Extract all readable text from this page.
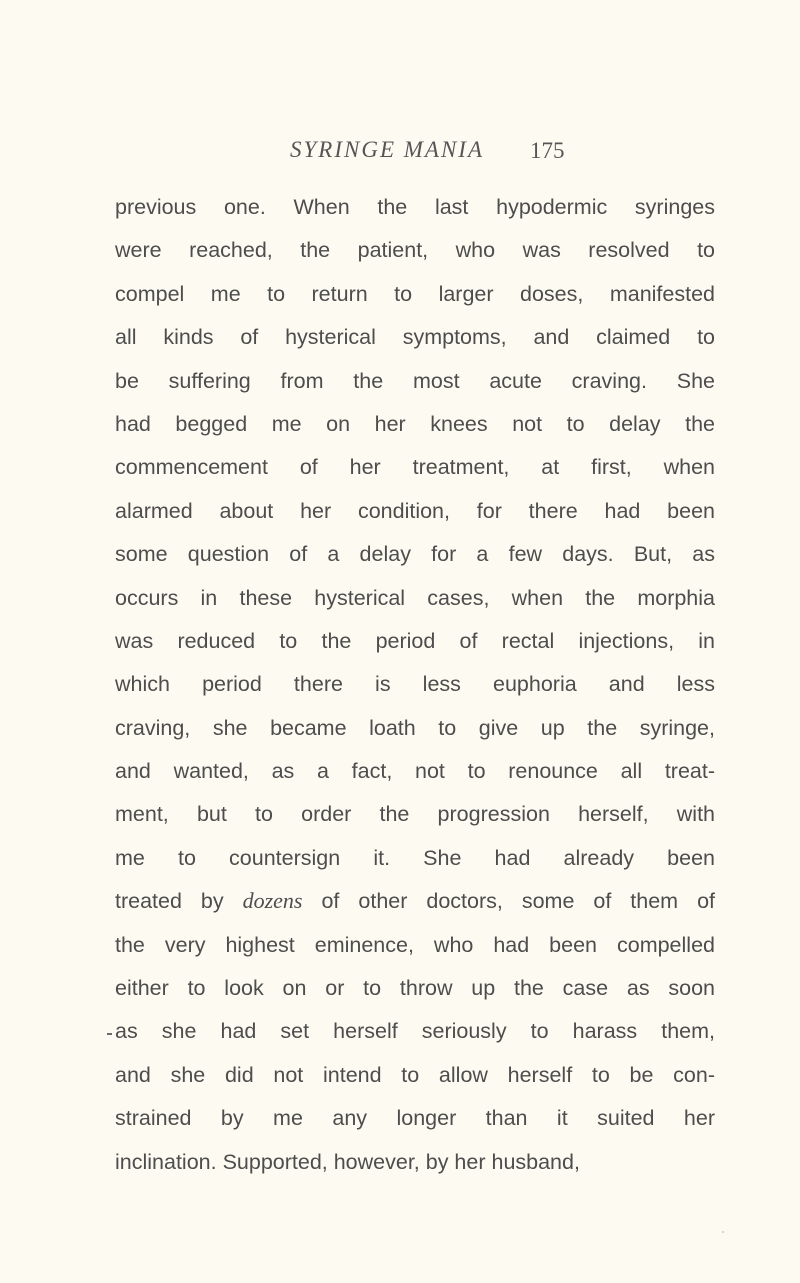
SYRINGE MANIA 175
previous one. When the last hypodermic syringes
were reached, the patient, who was resolved to
compel me to return to larger doses, manifested
all kinds of hysterical symptoms, and claimed to
be suffering from the most acute craving. She
had begged me on her knees not to delay the
commencement of her treatment, at first, when
alarmed about her condition, for there had been
some question of a delay for a few days. But, as
occurs in these hysterical cases, when the morphia
was reduced to the period of rectal injections, in
which period there is less euphoria and less
craving, she became loath to give up the syringe,
and wanted, as a fact, not to renounce all treat-
ment, but to order the progression herself, with
me to countersign it. She had already been
treated by dozens of other doctors, some of them of
the very highest eminence, who had been compelled
either to look on or to throw up the case as soon
as she had set herself seriously to harass them,
and she did not intend to allow herself to be con-
strained by me any longer than it suited her
inclination. Supported, however, by her husband,
